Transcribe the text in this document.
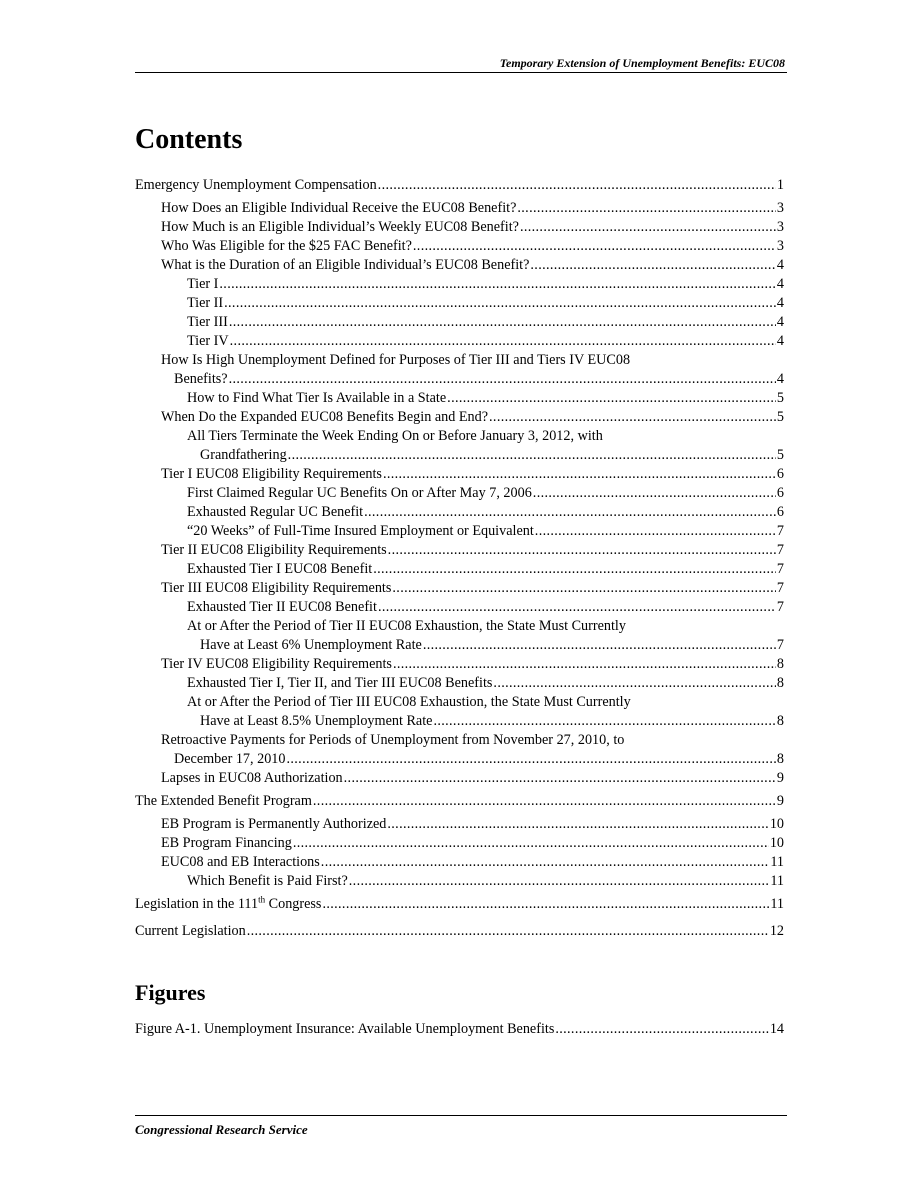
Temporary Extension of Unemployment Benefits: EUC08
Contents
Emergency Unemployment Compensation . . .	1
How Does an Eligible Individual Receive the EUC08 Benefit? . . .	3
How Much is an Eligible Individual’s Weekly EUC08 Benefit? . . .	3
Who Was Eligible for the $25 FAC Benefit? . . .	3
What is the Duration of an Eligible Individual’s EUC08 Benefit? . . .	4
Tier I . . .	4
Tier II . . .	4
Tier III . . .	4
Tier IV . . .	4
How Is High Unemployment Defined for Purposes of Tier III and Tiers IV EUC08
Benefits? . . .	4
How to Find What Tier Is Available in a State . . .	5
When Do the Expanded EUC08 Benefits Begin and End? . . .	5
All Tiers Terminate the Week Ending On or Before January 3, 2012, with
Grandfathering . . .	5
Tier I EUC08 Eligibility Requirements . . .	6
First Claimed Regular UC Benefits On or After May 7, 2006 . . .	6
Exhausted Regular UC Benefit . . .	6
“20 Weeks” of Full-Time Insured Employment or Equivalent . . .	7
Tier II EUC08 Eligibility Requirements . . .	7
Exhausted Tier I EUC08 Benefit . . .	7
Tier III EUC08 Eligibility Requirements . . .	7
Exhausted Tier II EUC08 Benefit . . .	7
At or After the Period of Tier II EUC08 Exhaustion, the State Must Currently
Have at Least 6% Unemployment Rate . . .	7
Tier IV EUC08 Eligibility Requirements . . .	8
Exhausted Tier I, Tier II, and Tier III EUC08 Benefits . . .	8
At or After the Period of Tier III EUC08 Exhaustion, the State Must Currently
Have at Least 8.5% Unemployment Rate . . .	8
Retroactive Payments for Periods of Unemployment from November 27, 2010, to
December 17, 2010 . . .	8
Lapses in EUC08 Authorization . . .	9
The Extended Benefit Program . . .	9
EB Program is Permanently Authorized . . .	10
EB Program Financing . . .	10
EUC08 and EB Interactions . . .	11
Which Benefit is Paid First? . . .	11
Legislation in the 111th Congress . . .	11
Current Legislation . . .	12
Figures
Figure A-1. Unemployment Insurance: Available Unemployment Benefits . . .	14
Congressional Research Service
